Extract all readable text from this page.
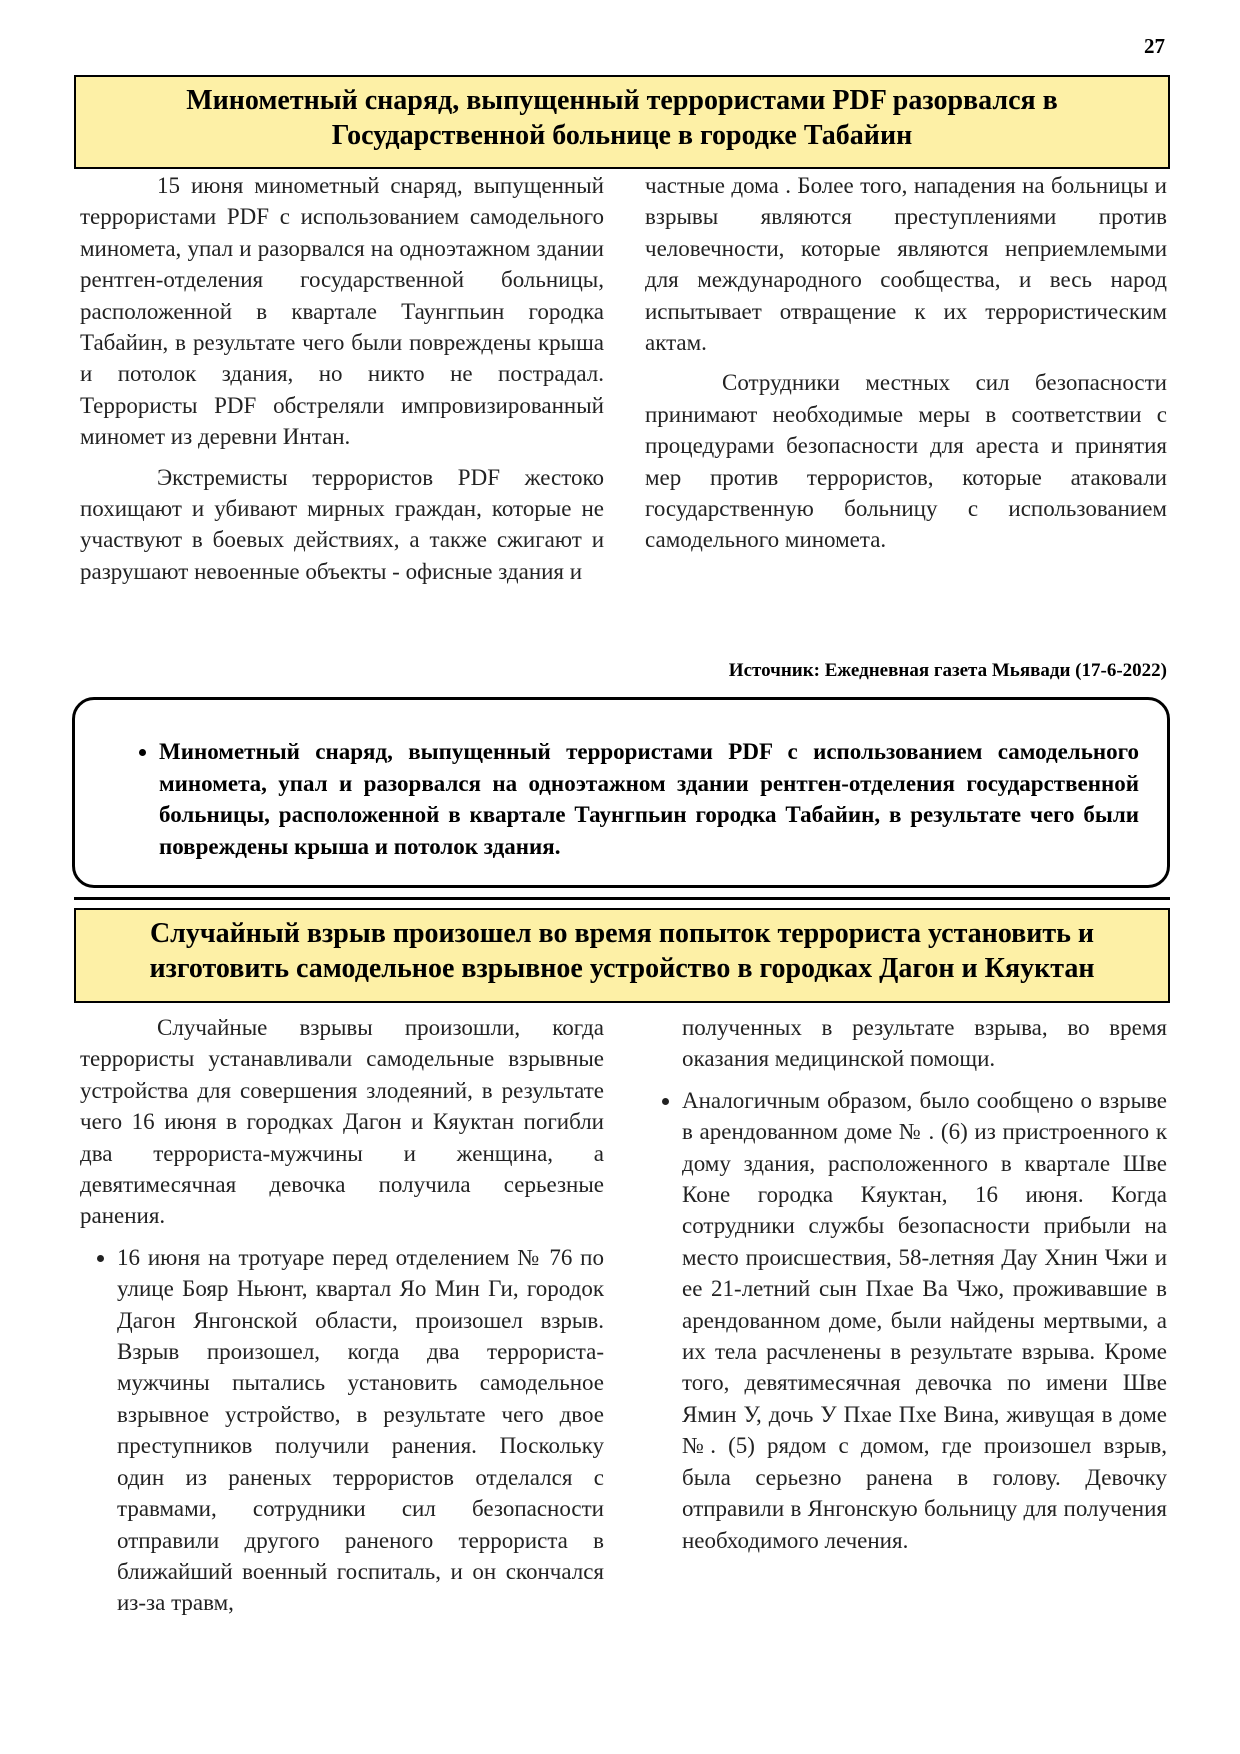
27
Минометный снаряд, выпущенный террористами PDF разорвался в Государственной больнице в городке Табайин

15 июня минометный снаряд, выпущенный террористами PDF с использованием самодельного миномета, упал и разорвался на одноэтажном здании рентген-отделения государственной больницы, расположенной в квартале Таунгпьин городка Табайин, в результате чего были повреждены крыша и потолок здания, но никто не пострадал. Террористы PDF обстреляли импровизированный миномет из деревни Интан.

Экстремисты террористов PDF жестоко похищают и убивают мирных граждан, которые не участвуют в боевых действиях, а также сжигают и разрушают невоенные объекты - офисные здания и

частные дома . Более того, нападения на больницы и взрывы являются преступлениями против человечности, которые являются неприемлемыми для международного сообщества, и весь народ испытывает отвращение к их террористическим актам.

Сотрудники местных сил безопасности принимают необходимые меры в соответствии с процедурами безопасности для ареста и принятия мер против террористов, которые атаковали государственную больницу с использованием самодельного миномета.

Источник: Ежедневная газета Мьявади (17-6-2022)
• Минометный снаряд, выпущенный террористами PDF с использованием самодельного миномета, упал и разорвался на одноэтажном здании рентген-отделения государственной больницы, расположенной в квартале Таунгпьин городка Табайин, в результате чего были повреждены крыша и потолок здания.
Случайный взрыв произошел во время попыток террориста установить и изготовить самодельное взрывное устройство в городках Дагон и Кяуктан

Случайные взрывы произошли, когда террористы устанавливали самодельные взрывные устройства для совершения злодеяний, в результате чего 16 июня в городках Дагон и Кяуктан погибли два террориста-мужчины и женщина, а девятимесячная девочка получила серьезные ранения.

• 16 июня на тротуаре перед отделением № 76 по улице Бояр Ньюнт, квартал Яо Мин Ги, городок Дагон Янгонской области, произошел взрыв. Взрыв произошел, когда два террориста-мужчины пытались установить самодельное взрывное устройство, в результате чего двое преступников получили ранения. Поскольку один из раненых террористов отделался с травмами, сотрудники сил безопасности отправили другого раненого террориста в ближайший военный госпиталь, и он скончался из-за травм,
полученных в результате взрыва, во время оказания медицинской помощи.
• Аналогичным образом, было сообщено о взрыве в арендованном доме № . (6) из пристроенного к дому здания, расположенного в квартале Шве Коне городка Кяуктан, 16 июня. Когда сотрудники службы безопасности прибыли на место происшествия, 58-летняя Дау Хнин Чжи и ее 21-летний сын Пхае Ва Чжо, проживавшие в арендованном доме, были найдены мертвыми, а их тела расчленены в результате взрыва. Кроме того, девятимесячная девочка по имени Шве Ямин У, дочь У Пхае Пхе Вина, живущая в доме №. (5) рядом с домом, где произошел взрыв, была серьезно ранена в голову. Девочку отправили в Янгонскую больницу для получения необходимого лечения.
